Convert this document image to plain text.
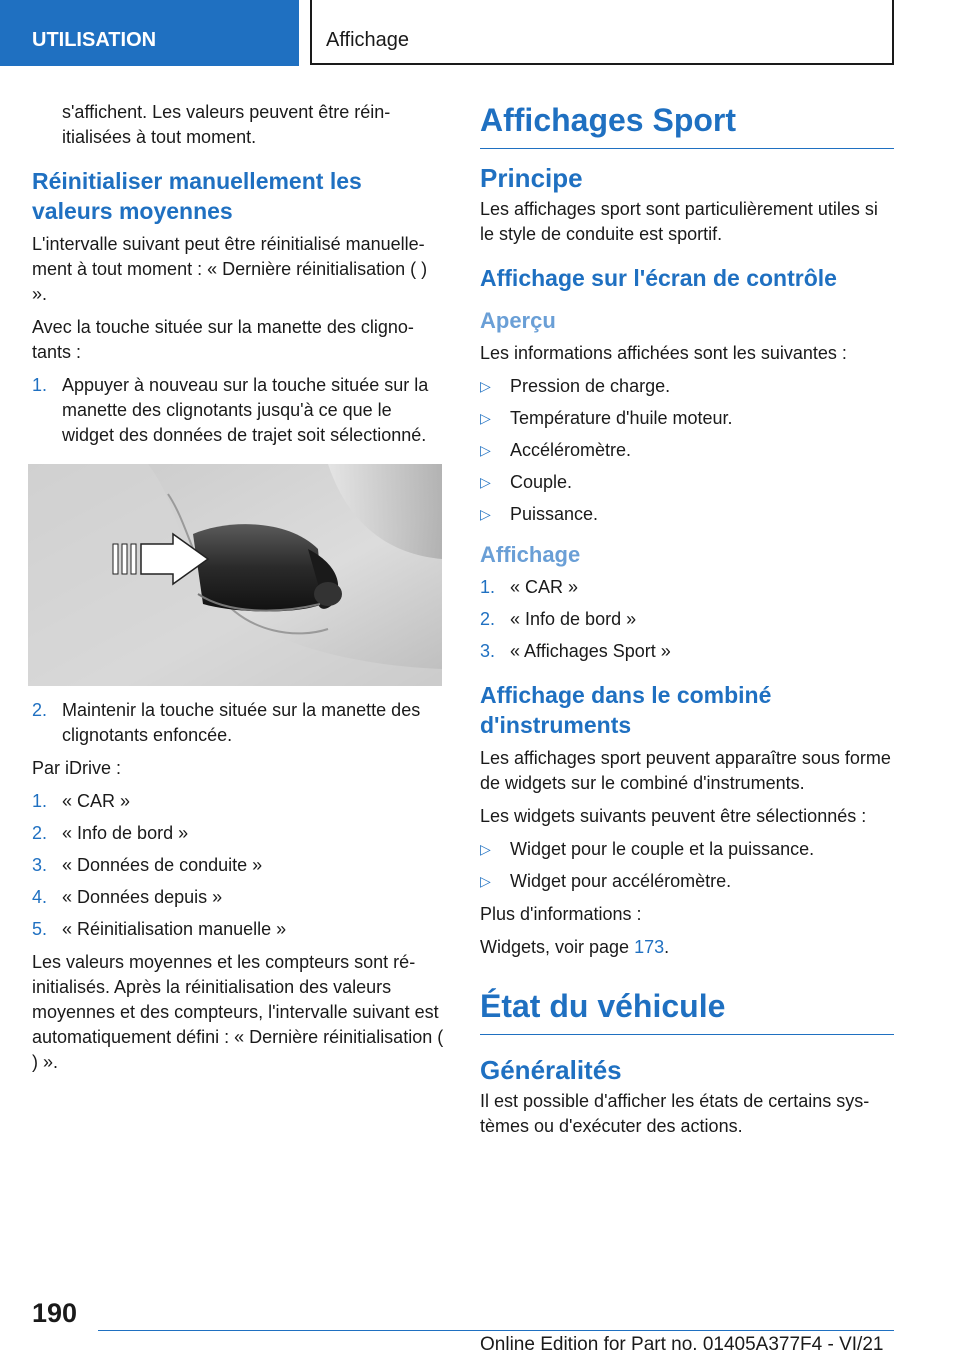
UTILISATION	Affichage

s'affichent. Les valeurs peuvent être réinitialisées à tout moment.

Réinitialiser manuellement les valeurs moyennes

L'intervalle suivant peut être réinitialisé manuellement à tout moment : « Dernière réinitialisation ( ) ».

Avec la touche située sur la manette des clignotants :

1. Appuyer à nouveau sur la touche située sur la manette des clignotants jusqu'à ce que le widget des données de trajet soit sélectionné.
2. Maintenir la touche située sur la manette des clignotants enfoncée.

Par iDrive :

1. « CAR »
2. « Info de bord »
3. « Données de conduite »
4. « Données depuis »
5. « Réinitialisation manuelle »

Les valeurs moyennes et les compteurs sont réinitialisés. Après la réinitialisation des valeurs moyennes et des compteurs, l'intervalle suivant est automatiquement défini : « Dernière réinitialisation ( ) ».

Affichages Sport
Principe

Les affichages sport sont particulièrement utiles si le style de conduite est sportif.

Affichage sur l'écran de contrôle
Aperçu

Les informations affichées sont les suivantes :

▷ Pression de charge.
▷ Température d'huile moteur.
▷ Accéléromètre.
▷ Couple.
▷ Puissance.
Affichage
1. « CAR »
2. « Info de bord »
3. « Affichages Sport »
Affichage dans le combiné d'instruments

Les affichages sport peuvent apparaître sous forme de widgets sur le combiné d'instruments.

Les widgets suivants peuvent être sélectionnés :

▷ Widget pour le couple et la puissance.
▷ Widget pour accéléromètre.

Plus d'informations :

Widgets, voir page 173.

État du véhicule
Généralités

Il est possible d'afficher les états de certains systèmes ou d'exécuter des actions.

190
Online Edition for Part no. 01405A377F4 - VI/21
